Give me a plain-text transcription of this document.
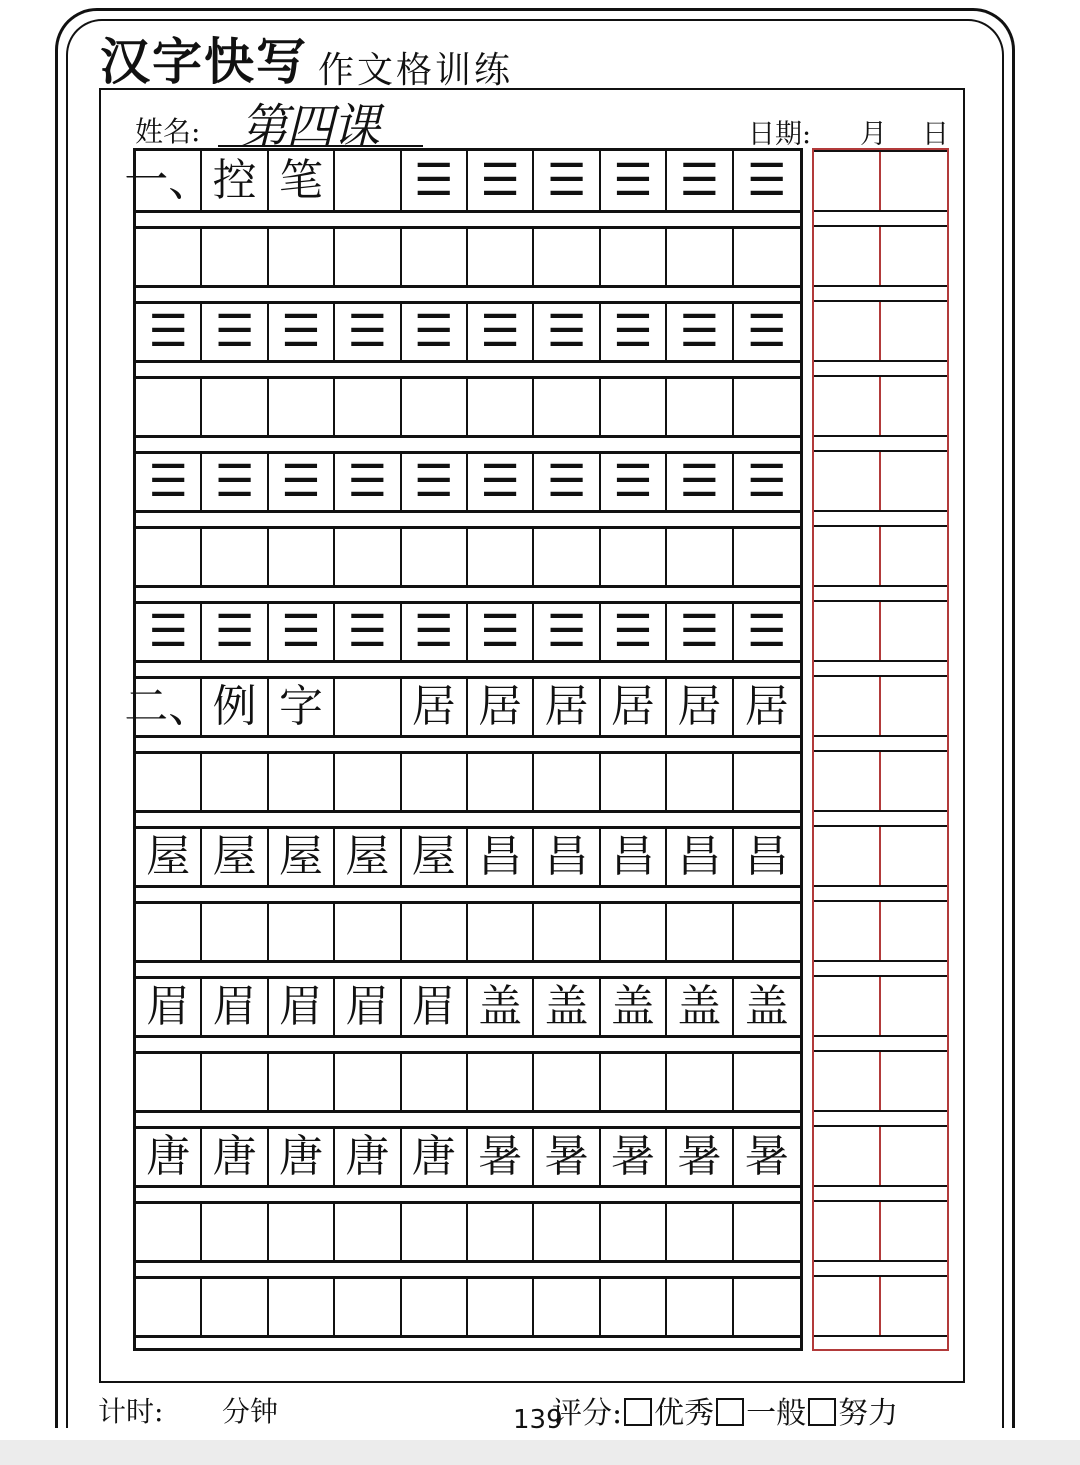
汉字快写 作文格训练
姓名: 第四课	日期: 月 日
一、 控 笔 ☰ ☰ ☰ ☰ ☰ ☰
☰ ☰ ☰ ☰ ☰ ☰ ☰ ☰ ☰ ☰
☰ ☰ ☰ ☰ ☰ ☰ ☰ ☰ ☰ ☰
☰ ☰ ☰ ☰ ☰ ☰ ☰ ☰ ☰ ☰
二、 例 字 居 居 居 居 居 居
屋 屋 屋 屋 屋 昌 昌 昌 昌 昌
眉 眉 眉 眉 眉 盖 盖 盖 盖 盖
唐 唐 唐 唐 唐 暑 暑 暑 暑 暑
计时: 分钟	139
评分: 优秀 一般 努力
